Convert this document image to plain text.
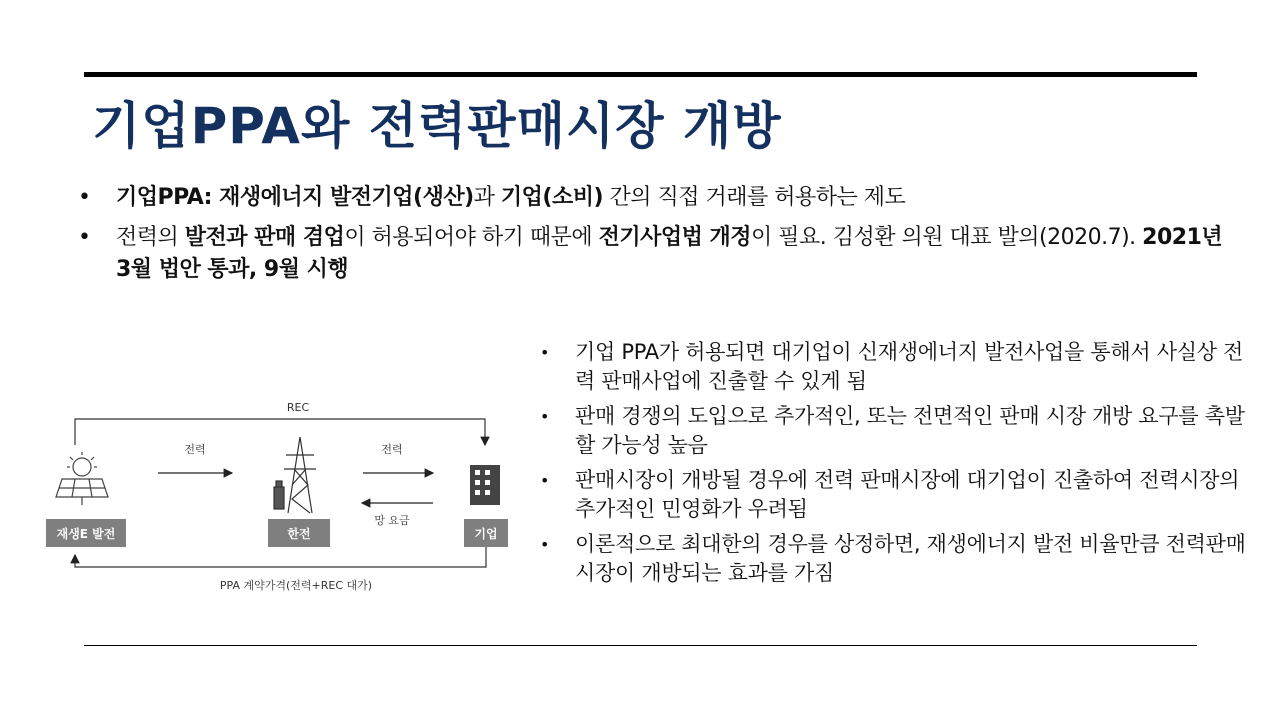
기업PPA와 전력판매시장 개방
• 기업PPA: 재생에너지 발전기업(생산)과 기업(소비) 간의 직접 거래를 허용하는 제도
• 전력의 발전과 판매 겸업이 허용되어야 하기 때문에 전기사업법 개정이 필요. 김성환 의원 대표 발의(2020.7). 2021년 3월 법안 통과, 9월 시행
REC
전력	전력
망 요금
재생E 발전	한전	기업
PPA 계약가격(전력+REC 대가)
• 기업 PPA가 허용되면 대기업이 신재생에너지 발전사업을 통해서 사실상 전력 판매사업에 진출할 수 있게 됨
• 판매 경쟁의 도입으로 추가적인, 또는 전면적인 판매 시장 개방 요구를 촉발할 가능성 높음
• 판매시장이 개방될 경우에 전력 판매시장에 대기업이 진출하여 전력시장의 추가적인 민영화가 우려됨
• 이론적으로 최대한의 경우를 상정하면, 재생에너지 발전 비율만큼 전력판매시장이 개방되는 효과를 가짐
